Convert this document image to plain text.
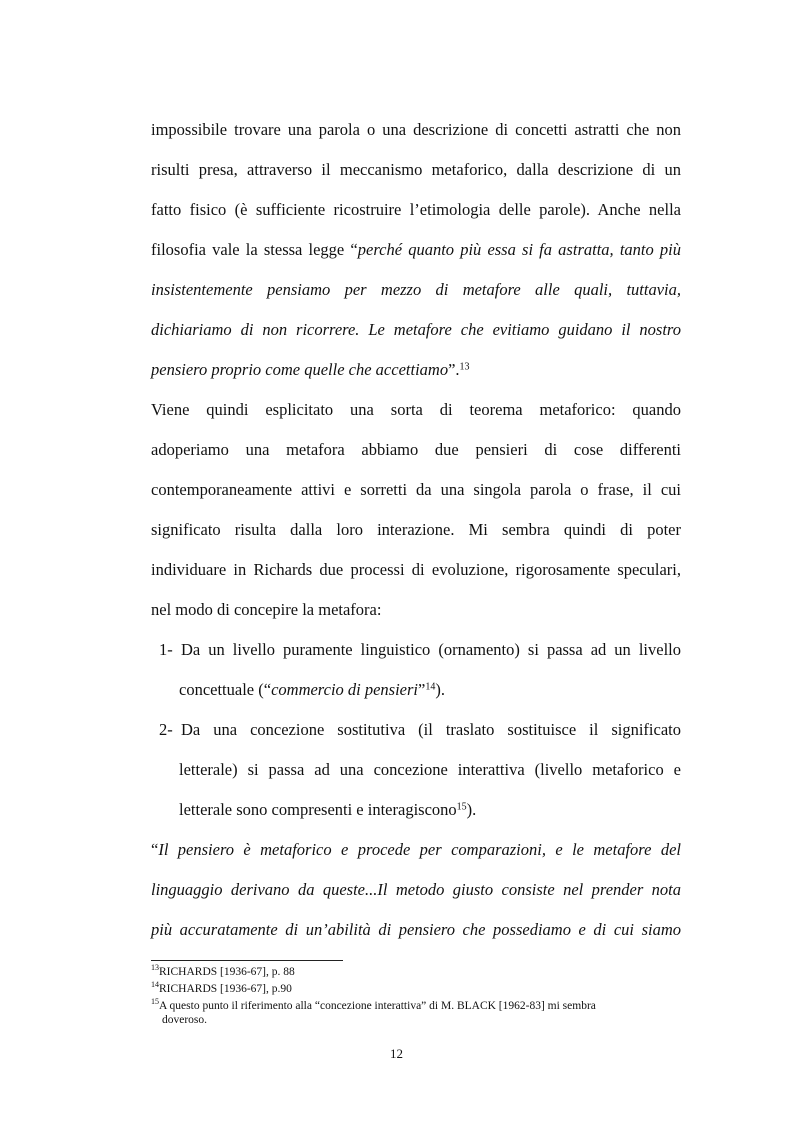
impossibile trovare una parola o una descrizione di concetti astratti che non
risulti presa, attraverso il meccanismo metaforico, dalla descrizione di un
fatto fisico (è sufficiente ricostruire l’etimologia delle parole). Anche nella
filosofia vale la stessa legge “perché quanto più essa si fa astratta, tanto più
insistentemente pensiamo per mezzo di metafore alle quali, tuttavia,
dichiariamo di non ricorrere. Le metafore che evitiamo guidano il nostro
pensiero proprio come quelle che accettiamo”.$^{13}$
Viene quindi esplicitato una sorta di teorema metaforico: quando
adoperiamo una metafora abbiamo due pensieri di cose differenti
contemporaneamente attivi e sorretti da una singola parola o frase, il cui
significato risulta dalla loro interazione. Mi sembra quindi di poter
individuare in Richards due processi di evoluzione, rigorosamente speculari,
nel modo di concepire la metafora:
1- Da un livello puramente linguistico (ornamento) si passa ad un livello
concettuale (“commercio di pensieri”$^{14}$).
2- Da una concezione sostitutiva (il traslato sostituisce il significato
letterale) si passa ad una concezione interattiva (livello metaforico e
letterale sono compresenti e interagiscono$^{15}$).
“Il pensiero è metaforico e procede per comparazioni, e le metafore del
linguaggio derivano da queste...Il metodo giusto consiste nel prender nota
più accuratamente di un’abilità di pensiero che possediamo e di cui siamo
$^{13}$RICHARDS [1936-67], p. 88
$^{14}$RICHARDS [1936-67], p.90
$^{15}$A questo punto il riferimento alla “concezione interattiva” di M. BLACK [1962-83] mi sembra
doveroso.
12
